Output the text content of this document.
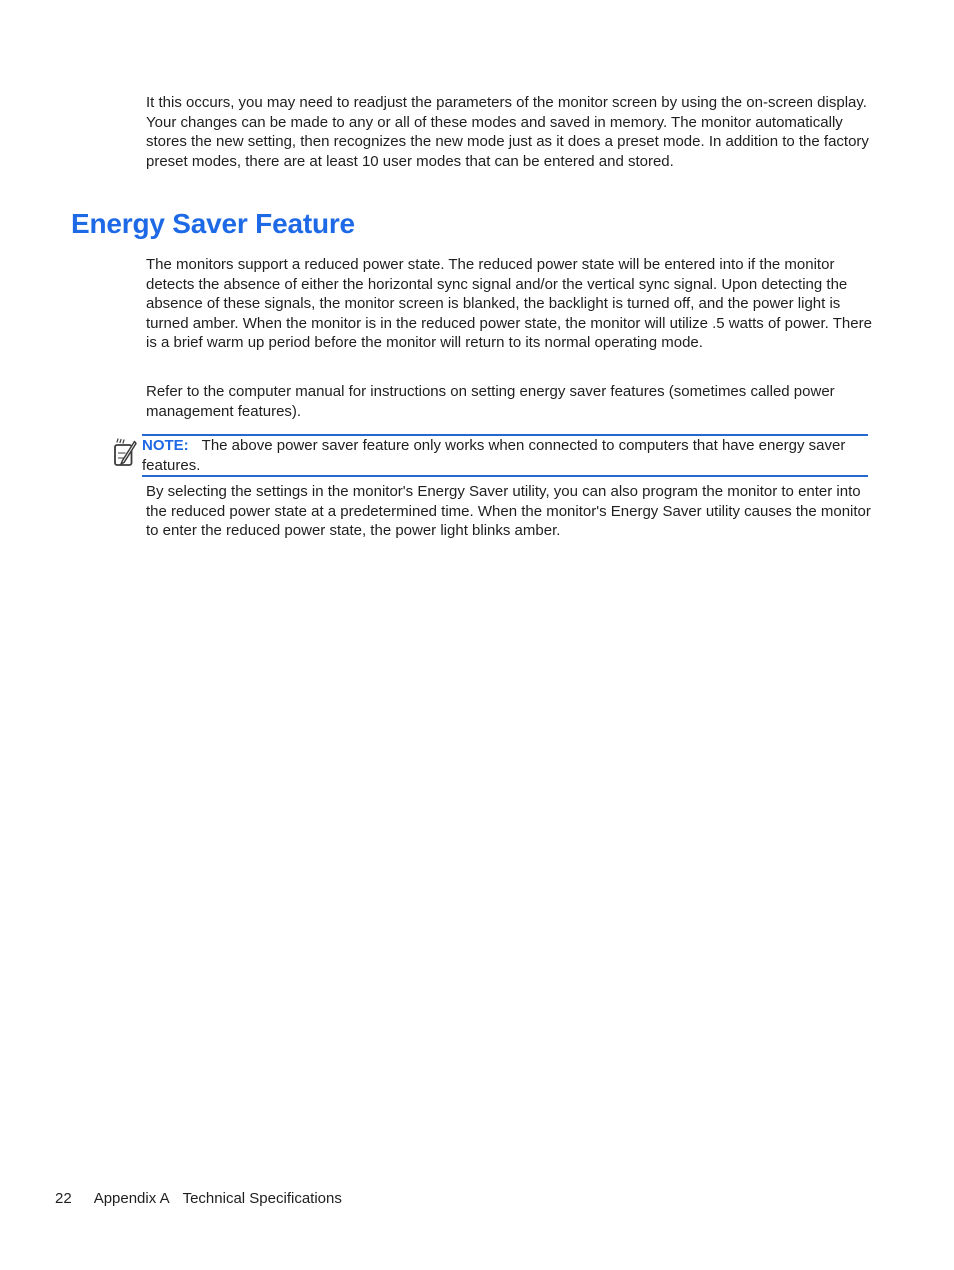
It this occurs, you may need to readjust the parameters of the monitor screen by using the on-screen display. Your changes can be made to any or all of these modes and saved in memory. The monitor automatically stores the new setting, then recognizes the new mode just as it does a preset mode. In addition to the factory preset modes, there are at least 10 user modes that can be entered and stored.

Energy Saver Feature

The monitors support a reduced power state. The reduced power state will be entered into if the monitor detects the absence of either the horizontal sync signal and/or the vertical sync signal. Upon detecting the absence of these signals, the monitor screen is blanked, the backlight is turned off, and the power light is turned amber. When the monitor is in the reduced power state, the monitor will utilize .5 watts of power. There is a brief warm up period before the monitor will return to its normal operating mode.

Refer to the computer manual for instructions on setting energy saver features (sometimes called power management features).

NOTE: The above power saver feature only works when connected to computers that have energy saver features.

By selecting the settings in the monitor's Energy Saver utility, you can also program the monitor to enter into the reduced power state at a predetermined time. When the monitor's Energy Saver utility causes the monitor to enter the reduced power state, the power light blinks amber.

22 Appendix A Technical Specifications
